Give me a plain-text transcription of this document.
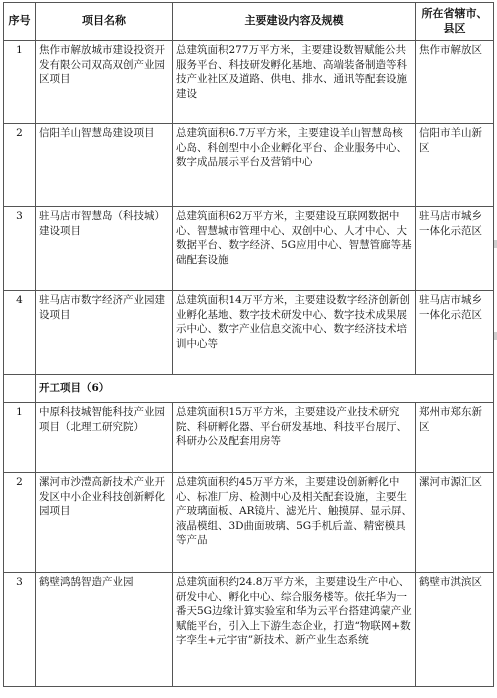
序号	项目名称	主要建设内容及规模	所在省辖市、县区
1	焦作市解放城市建设投资开发有限公司双高双创产业园区项目	总建筑面积277万平方米，主要建设数智赋能公共服务平台、科技研发孵化基地、高端装备制造等科技产业社区及道路、供电、排水、通讯等配套设施建设	焦作市解放区
2	信阳羊山智慧岛建设项目	总建筑面积6.7万平方米，主要建设羊山智慧岛核心岛、科创型中小企业孵化平台、企业服务中心、数字成品展示平台及营销中心	信阳市羊山新区
3	驻马店市智慧岛（科技城）建设项目	总建筑面积62万平方米，主要建设互联网数据中心、智慧城市管理中心、双创中心、人才中心、大数据平台、数字经济、5G应用中心、智慧管廊等基础配套设施	驻马店市城乡一体化示范区
4	驻马店市数字经济产业园建设项目	总建筑面积14万平方米，主要建设数字经济创新创业孵化基地、数字技术研发中心、数字技术成果展示中心、数字产业信息交流中心、数字经济技术培训中心等	驻马店市城乡一体化示范区
	开工项目（6）		
1	中原科技城智能科技产业园项目（北理工研究院）	总建筑面积15万平方米，主要建设产业技术研究院、科研孵化器、平台研发基地、科技平台展厅、科研办公及配套用房等	郑州市郑东新区
2	漯河市沙澧高新技术产业开发区中小企业科技创新孵化园项目	总建筑面积约45万平方米，主要建设创新孵化中心、标准厂房、检测中心及相关配套设施，主要生产玻璃面板、AR镜片、滤光片、触摸屏、显示屏、液晶模组、3D曲面玻璃、5G手机后盖、精密模具等产品	漯河市源汇区
3	鹤壁鸿鹄智造产业园	总建筑面积约24.8万平方米，主要建设生产中心、研发中心、孵化中心、综合服务楼等。依托华为一番天5G边缘计算实验室和华为云平台搭建鸿蒙产业赋能平台，引入上下游生态企业，打造“物联网+数字孪生+元宇宙”新技术、新产业生态系统	鹤壁市淇滨区
